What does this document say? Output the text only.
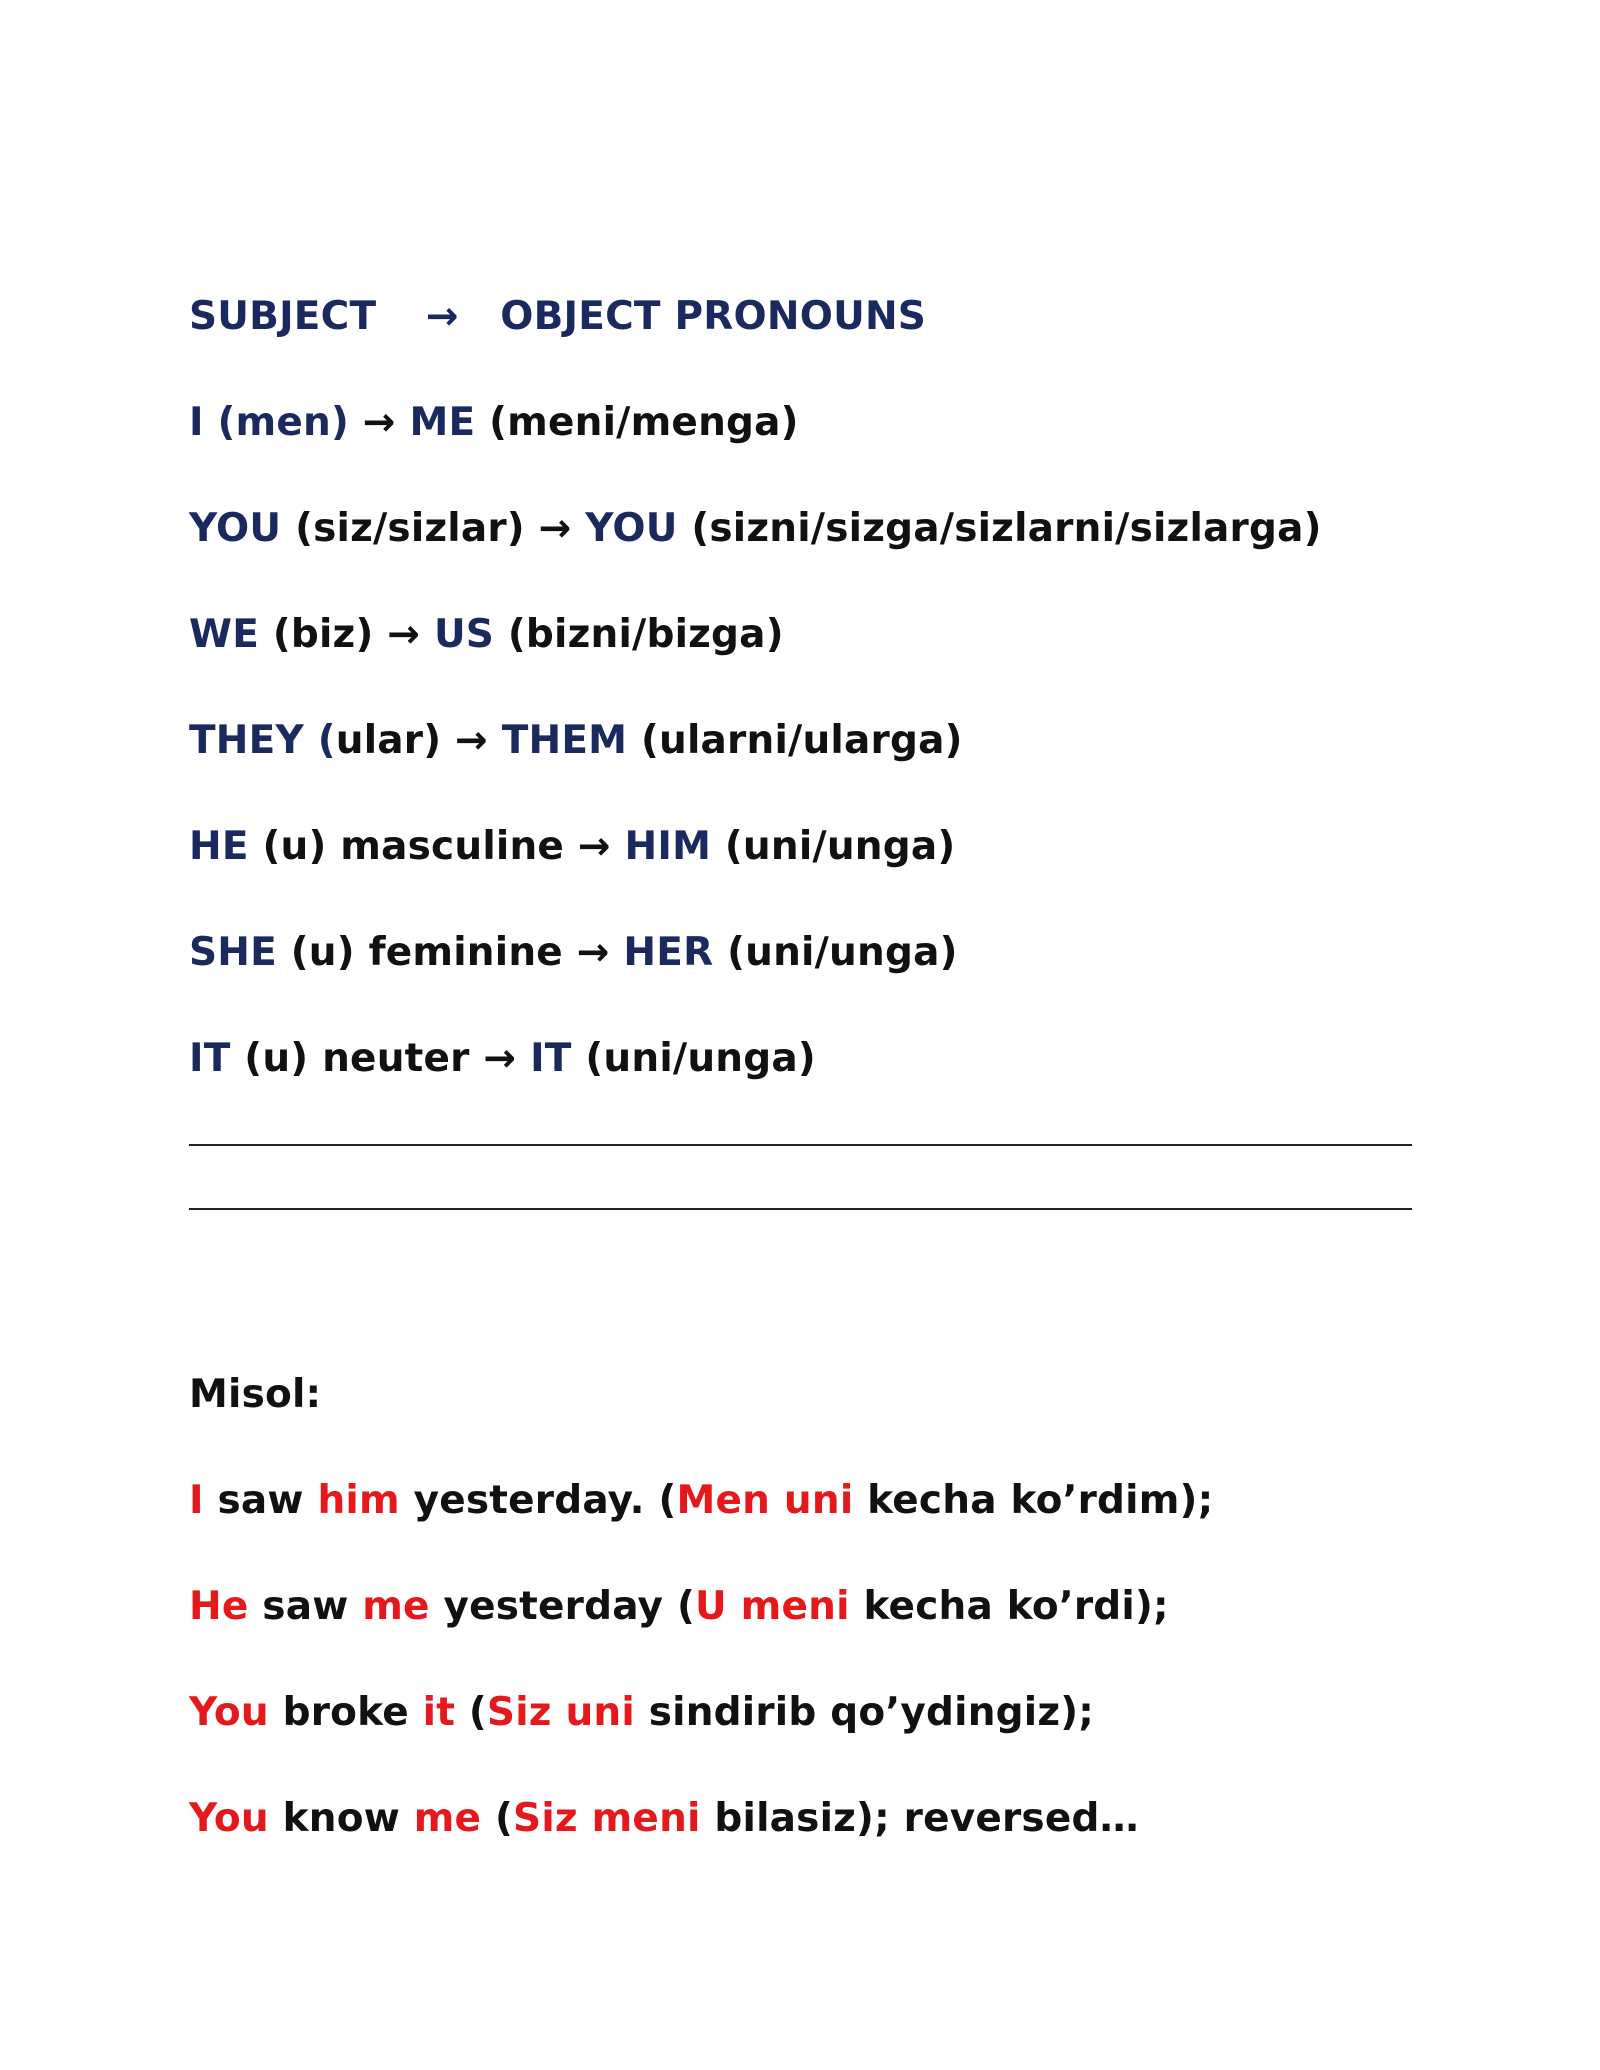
SUBJECT → OBJECT PRONOUNS
I (men) → ME (meni/menga)
YOU (siz/sizlar) → YOU (sizni/sizga/sizlarni/sizlarga)
WE (biz) → US (bizni/bizga)
THEY (ular) → THEM (ularni/ularga)
HE (u) masculine → HIM (uni/unga)
SHE (u) feminine → HER (uni/unga)
IT (u) neuter → IT (uni/unga)
Misol:
I saw him yesterday. (Men uni kecha ko’rdim);
He saw me yesterday (U meni kecha ko’rdi);
You broke it (Siz uni sindirib qo’ydingiz);
You know me (Siz meni bilasiz); reversed…
